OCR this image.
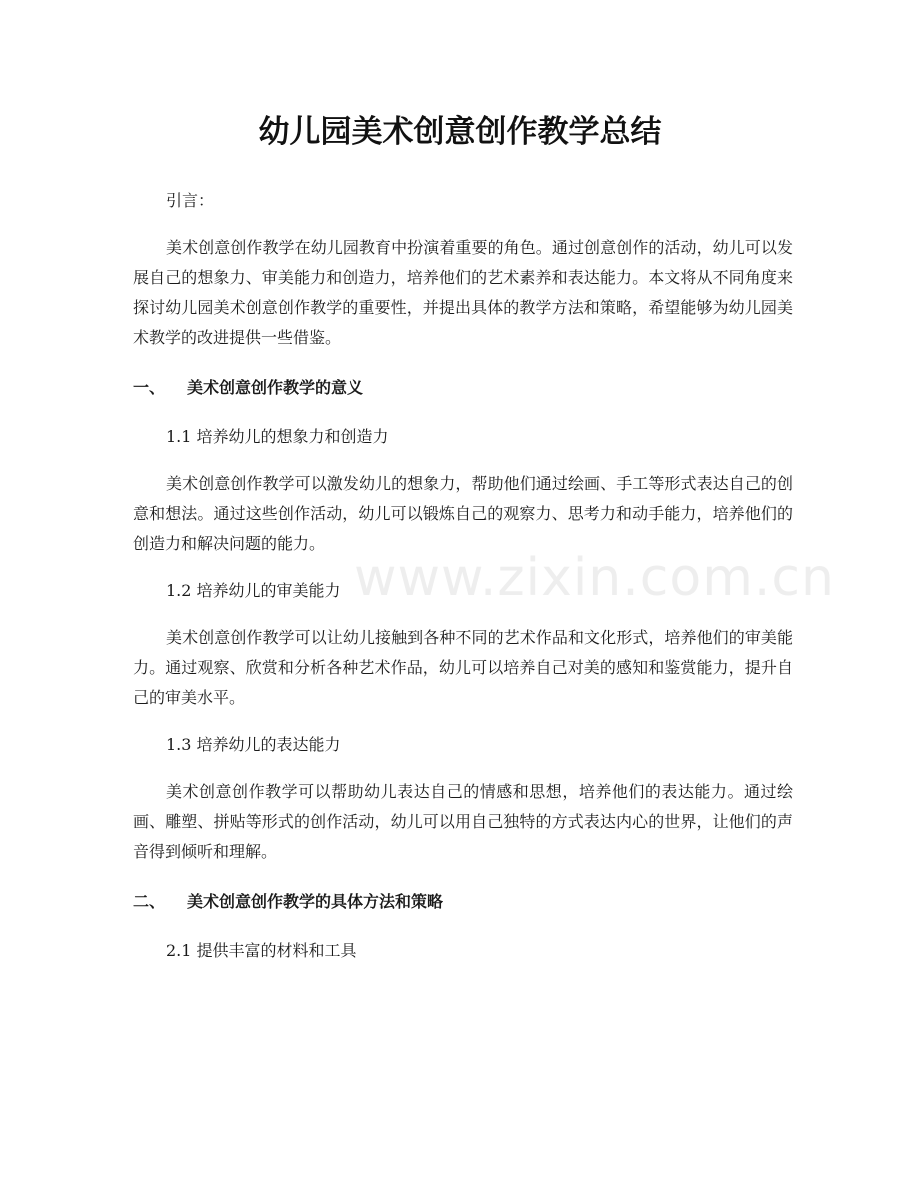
幼儿园美术创意创作教学总结

引言：

美术创意创作教学在幼儿园教育中扮演着重要的角色。通过创意创作的活动，幼儿可以发展自己的想象力、审美能力和创造力，培养他们的艺术素养和表达能力。本文将从不同角度来探讨幼儿园美术创意创作教学的重要性，并提出具体的教学方法和策略，希望能够为幼儿园美术教学的改进提供一些借鉴。

一、	美术创意创作教学的意义

1.1 培养幼儿的想象力和创造力

美术创意创作教学可以激发幼儿的想象力，帮助他们通过绘画、手工等形式表达自己的创意和想法。通过这些创作活动，幼儿可以锻炼自己的观察力、思考力和动手能力，培养他们的创造力和解决问题的能力。

1.2 培养幼儿的审美能力

美术创意创作教学可以让幼儿接触到各种不同的艺术作品和文化形式，培养他们的审美能力。通过观察、欣赏和分析各种艺术作品，幼儿可以培养自己对美的感知和鉴赏能力，提升自己的审美水平。

1.3 培养幼儿的表达能力

美术创意创作教学可以帮助幼儿表达自己的情感和思想，培养他们的表达能力。通过绘画、雕塑、拼贴等形式的创作活动，幼儿可以用自己独特的方式表达内心的世界，让他们的声音得到倾听和理解。

二、	美术创意创作教学的具体方法和策略

2.1 提供丰富的材料和工具

www.zixin.com.cn
